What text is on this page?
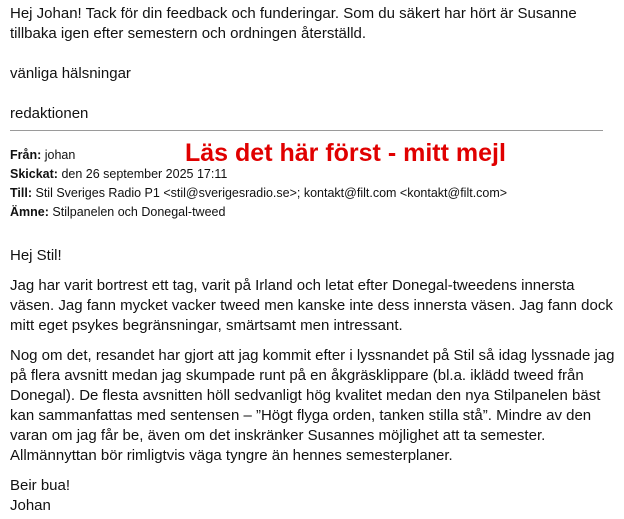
Hej Johan! Tack för din feedback och funderingar. Som du säkert har hört är Susanne

tillbaka igen efter semestern och ordningen återställd.

vänliga hälsningar

redaktionen

Från: johan
Skickat: den 26 september 2025 17:11
Till: Stil Sveriges Radio P1 <stil@sverigesradio.se>; kontakt@filt.com <kontakt@filt.com>
Ämne: Stilpanelen och Donegal-tweed
Läs det här först - mitt mejl

Hej Stil!

Jag har varit bortrest ett tag, varit på Irland och letat efter Donegal-tweedens innersta väsen. Jag fann mycket vacker tweed men kanske inte dess innersta väsen. Jag fann dock mitt eget psykes begränsningar, smärtsamt men intressant.

Nog om det, resandet har gjort att jag kommit efter i lyssnandet på Stil så idag lyssnade jag på flera avsnitt medan jag skumpade runt på en åkgräsklippare (bl.a. iklädd tweed från Donegal). De flesta avsnitten höll sedvanligt hög kvalitet medan den nya Stilpanelen bäst kan sammanfattas med sentensen – ”Högt flyga orden, tanken stilla stå”. Mindre av den varan om jag får be, även om det inskränker Susannes möjlighet att ta semester. Allmännyttan bör rimligtvis väga tyngre än hennes semesterplaner.

Beir bua!

Johan
